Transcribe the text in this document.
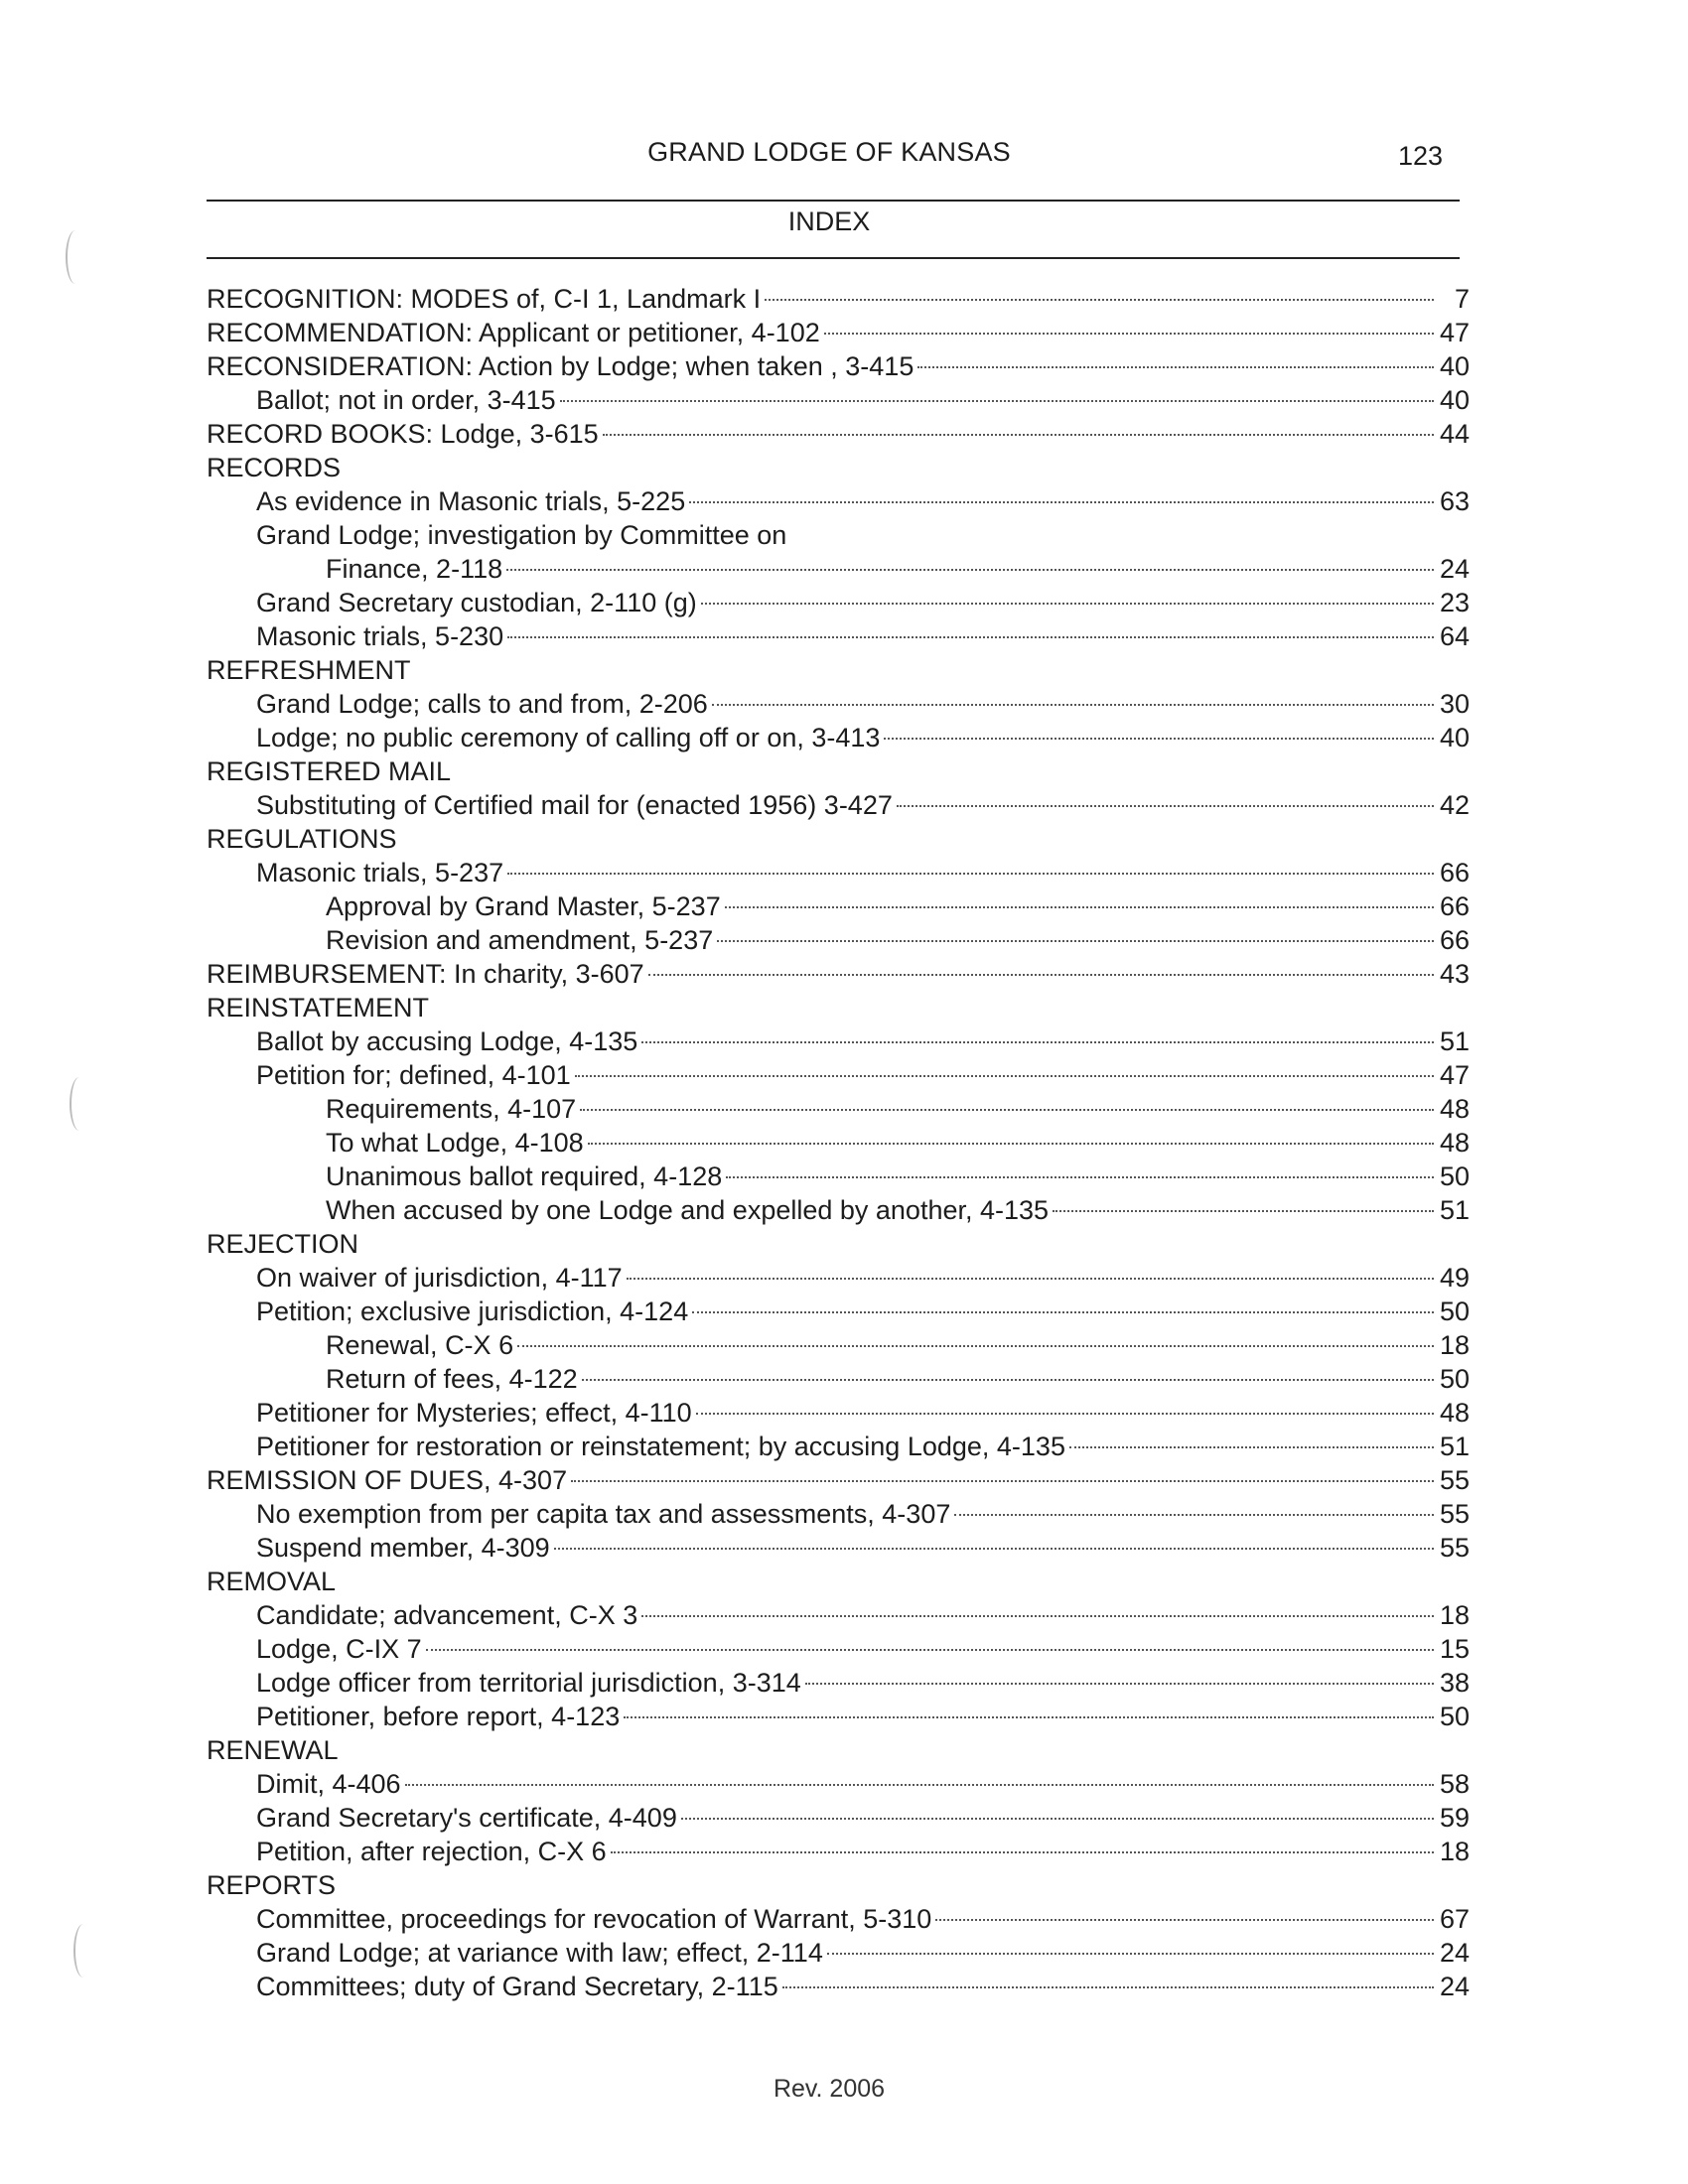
GRAND LODGE OF KANSAS	123
INDEX
RECOGNITION: MODES of, C-I 1, Landmark I	7
RECOMMENDATION: Applicant or petitioner, 4-102	47
RECONSIDERATION: Action by Lodge; when taken , 3-415	40
Ballot; not in order, 3-415	40
RECORD BOOKS: Lodge, 3-615	44
RECORDS
As evidence in Masonic trials, 5-225	63
Grand Lodge; investigation by Committee on
Finance, 2-118	24
Grand Secretary custodian, 2-110 (g)	23
Masonic trials, 5-230	64
REFRESHMENT
Grand Lodge; calls to and from, 2-206	30
Lodge; no public ceremony of calling off or on, 3-413	40
REGISTERED MAIL
Substituting of Certified mail for (enacted 1956) 3-427	42
REGULATIONS
Masonic trials, 5-237	66
Approval by Grand Master, 5-237	66
Revision and amendment, 5-237	66
REIMBURSEMENT: In charity, 3-607	43
REINSTATEMENT
Ballot by accusing Lodge, 4-135	51
Petition for; defined, 4-101	47
Requirements, 4-107	48
To what Lodge, 4-108	48
Unanimous ballot required, 4-128	50
When accused by one Lodge and expelled by another, 4-135	51
REJECTION
On waiver of jurisdiction, 4-117	49
Petition; exclusive jurisdiction, 4-124	50
Renewal, C-X 6	18
Return of fees, 4-122	50
Petitioner for Mysteries; effect, 4-110	48
Petitioner for restoration or reinstatement; by accusing Lodge, 4-135	51
REMISSION OF DUES, 4-307	55
No exemption from per capita tax and assessments, 4-307	55
Suspend member, 4-309	55
REMOVAL
Candidate; advancement, C-X 3	18
Lodge, C-IX 7	15
Lodge officer from territorial jurisdiction, 3-314	38
Petitioner, before report, 4-123	50
RENEWAL
Dimit, 4-406	58
Grand Secretary's certificate, 4-409	59
Petition, after rejection, C-X 6	18
REPORTS
Committee, proceedings for revocation of Warrant, 5-310	67
Grand Lodge; at variance with law; effect, 2-114	24
Committees; duty of Grand Secretary, 2-115	24
Rev. 2006
